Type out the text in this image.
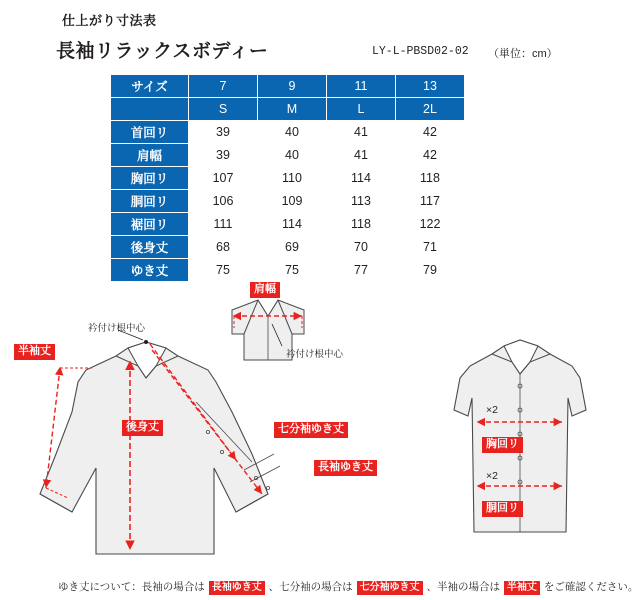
仕上がり寸法表
長袖リラックスボディー	LY-L-PBSD02-02 （単位：cm）
サイズ	7	9	11	13
	S	M	L	2L
首回リ	39	40	41	42
肩幅	39	40	41	42
胸回リ	107	110	114	118
胴回リ	106	109	113	117
裾回リ	111	114	118	122
後身丈	68	69	70	71
ゆき丈	75	75	77	79
肩幅
半袖丈
後身丈	七分袖ゆき丈
長袖ゆき丈
胸回リ
胴回リ
衿付け根中心
衿付け根中心
×2
×2
ゆき丈について：長袖の場合は 長袖ゆき丈 、七分袖の場合は 七分袖ゆき丈 、半袖の場合は 半袖丈 をご確認ください。
